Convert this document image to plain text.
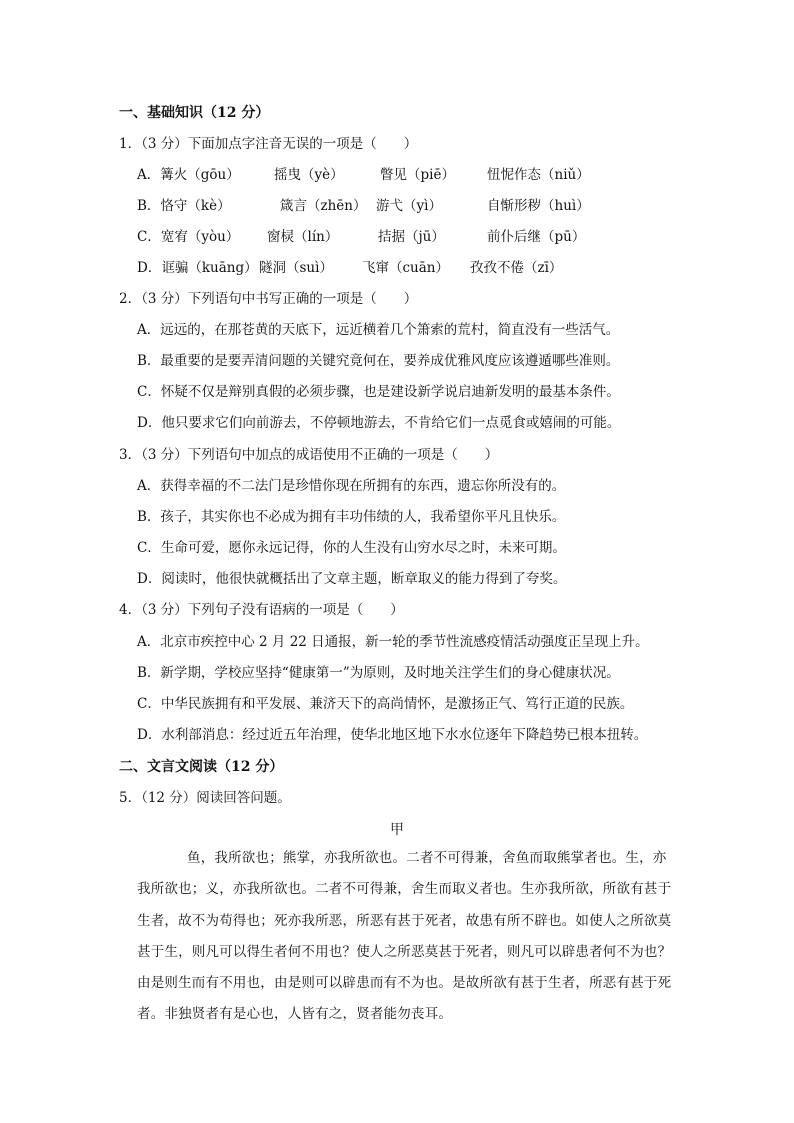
一、基础知识（12 分）
1．（3 分）下面加点字注音无误的一项是（　　）
A．篝火（gōu）	摇曳（yè）	瞥见（piē） 忸怩作态（niǔ）
B．恪守（kè）	箴言（zhēn） 游弋（yì）	自惭形秽（huì）
C．宽宥（yòu） 窗棂（lín）	拮据（jū）	前仆后继（pū）
D．诓骗（kuāng） 隧洞（suì） 飞窜（cuān） 孜孜不倦（zī）
2．（3 分）下列语句中书写正确的一项是（　　）
A．远远的，在那苍黄的天底下，远近横着几个箫索的荒村，简直没有一些活气。
B．最重要的是要弄清问题的关键究竟何在，要养成优雅风度应该遵遁哪些准则。
C．怀疑不仅是辩别真假的必须步骤，也是建设新学说启迪新发明的最基本条件。
D．他只要求它们向前游去，不停顿地游去，不肯给它们一点觅食或嬉闹的可能。
3．（3 分）下列语句中加点的成语使用不正确的一项是（　　）
A．获得幸福的不二法门是珍惜你现在所拥有的东西，遗忘你所没有的。
B．孩子，其实你也不必成为拥有丰功伟绩的人，我希望你平凡且快乐。
C．生命可爱，愿你永远记得，你的人生没有山穷水尽之时，未来可期。
D．阅读时，他很快就概括出了文章主题，断章取义的能力得到了夸奖。
4．（3 分）下列句子没有语病的一项是（　　）
A．北京市疾控中心 2 月 22 日通报，新一轮的季节性流感疫情活动强度正呈现上升。
B．新学期，学校应坚持“健康第一”为原则，及时地关注学生们的身心健康状况。
C．中华民族拥有和平发展、兼济天下的高尚情怀，是激扬正气、笃行正道的民族。
D．水利部消息：经过近五年治理，使华北地区地下水水位逐年下降趋势已根本扭转。
二、文言文阅读（12 分）
5．（12 分）阅读回答问题。
甲
鱼，我所欲也；熊掌，亦我所欲也。二者不可得兼，舍鱼而取熊掌者也。生，亦我所欲也；义，亦我所欲也。二者不可得兼，舍生而取义者也。生亦我所欲，所欲有甚于生者，故不为苟得也；死亦我所恶，所恶有甚于死者，故患有所不辟也。如使人之所欲莫甚于生，则凡可以得生者何不用也？使人之所恶莫甚于死者，则凡可以辟患者何不为也？由是则生而有不用也，由是则可以辟患而有不为也。是故所欲有甚于生者，所恶有甚于死者。非独贤者有是心也，人皆有之，贤者能勿丧耳。
